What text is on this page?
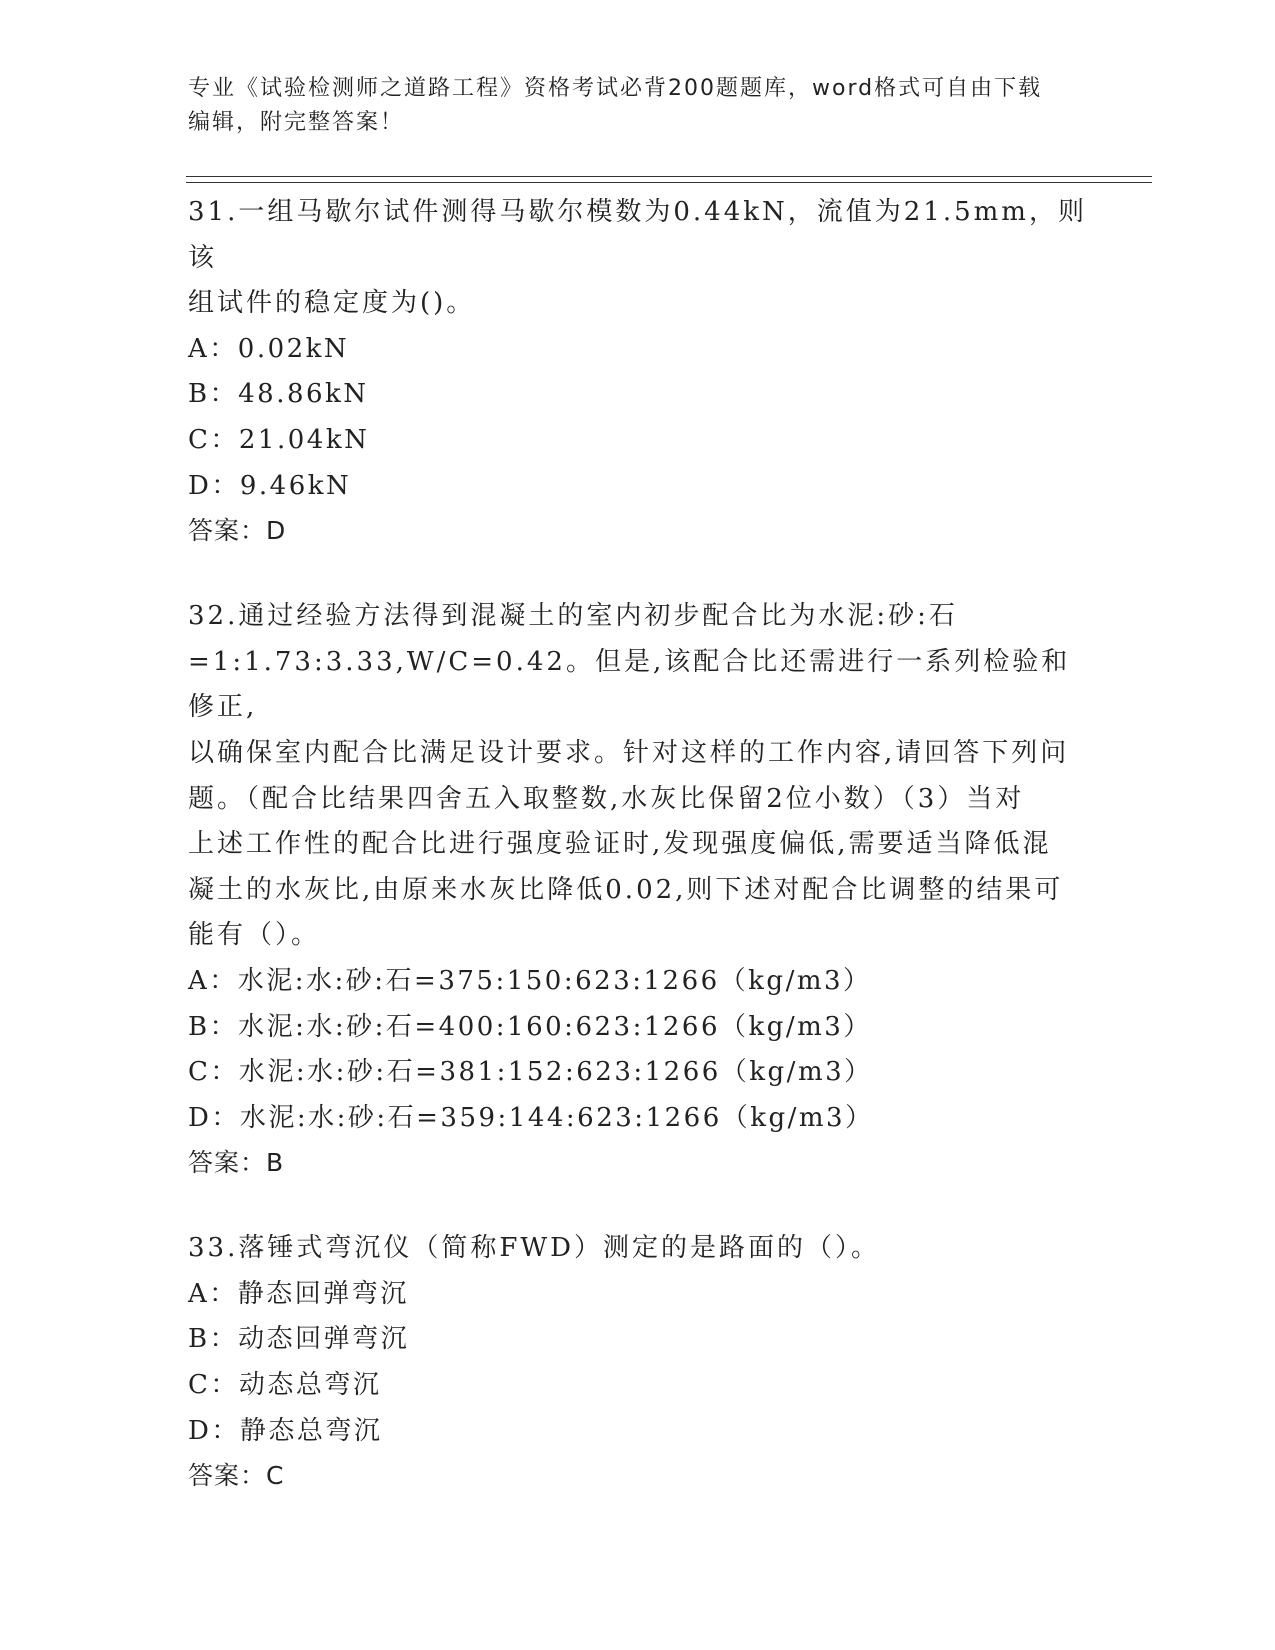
专业《试验检测师之道路工程》资格考试必背200题题库，word格式可自由下载
编辑，附完整答案！

31.一组马歇尔试件测得马歇尔模数为0.44kN，流值为21.5mm，则该

组试件的稳定度为()。

A：0.02kN

B：48.86kN

C：21.04kN

D：9.46kN

答案：D

32.通过经验方法得到混凝土的室内初步配合比为水泥:砂:石

=1:1.73:3.33,W/C=0.42。但是,该配合比还需进行一系列检验和修正,

以确保室内配合比满足设计要求。针对这样的工作内容,请回答下列问

题。（配合比结果四舍五入取整数,水灰比保留2位小数）（3）当对

上述工作性的配合比进行强度验证时,发现强度偏低,需要适当降低混

凝土的水灰比,由原来水灰比降低0.02,则下述对配合比调整的结果可

能有（）。

A：水泥:水:砂:石=375:150:623:1266（kg/m3）

B：水泥:水:砂:石=400:160:623:1266（kg/m3）

C：水泥:水:砂:石=381:152:623:1266（kg/m3）

D：水泥:水:砂:石=359:144:623:1266（kg/m3）

答案：B

33.落锤式弯沉仪（简称FWD）测定的是路面的（）。

A：静态回弹弯沉

B：动态回弹弯沉

C：动态总弯沉

D：静态总弯沉

答案：C
